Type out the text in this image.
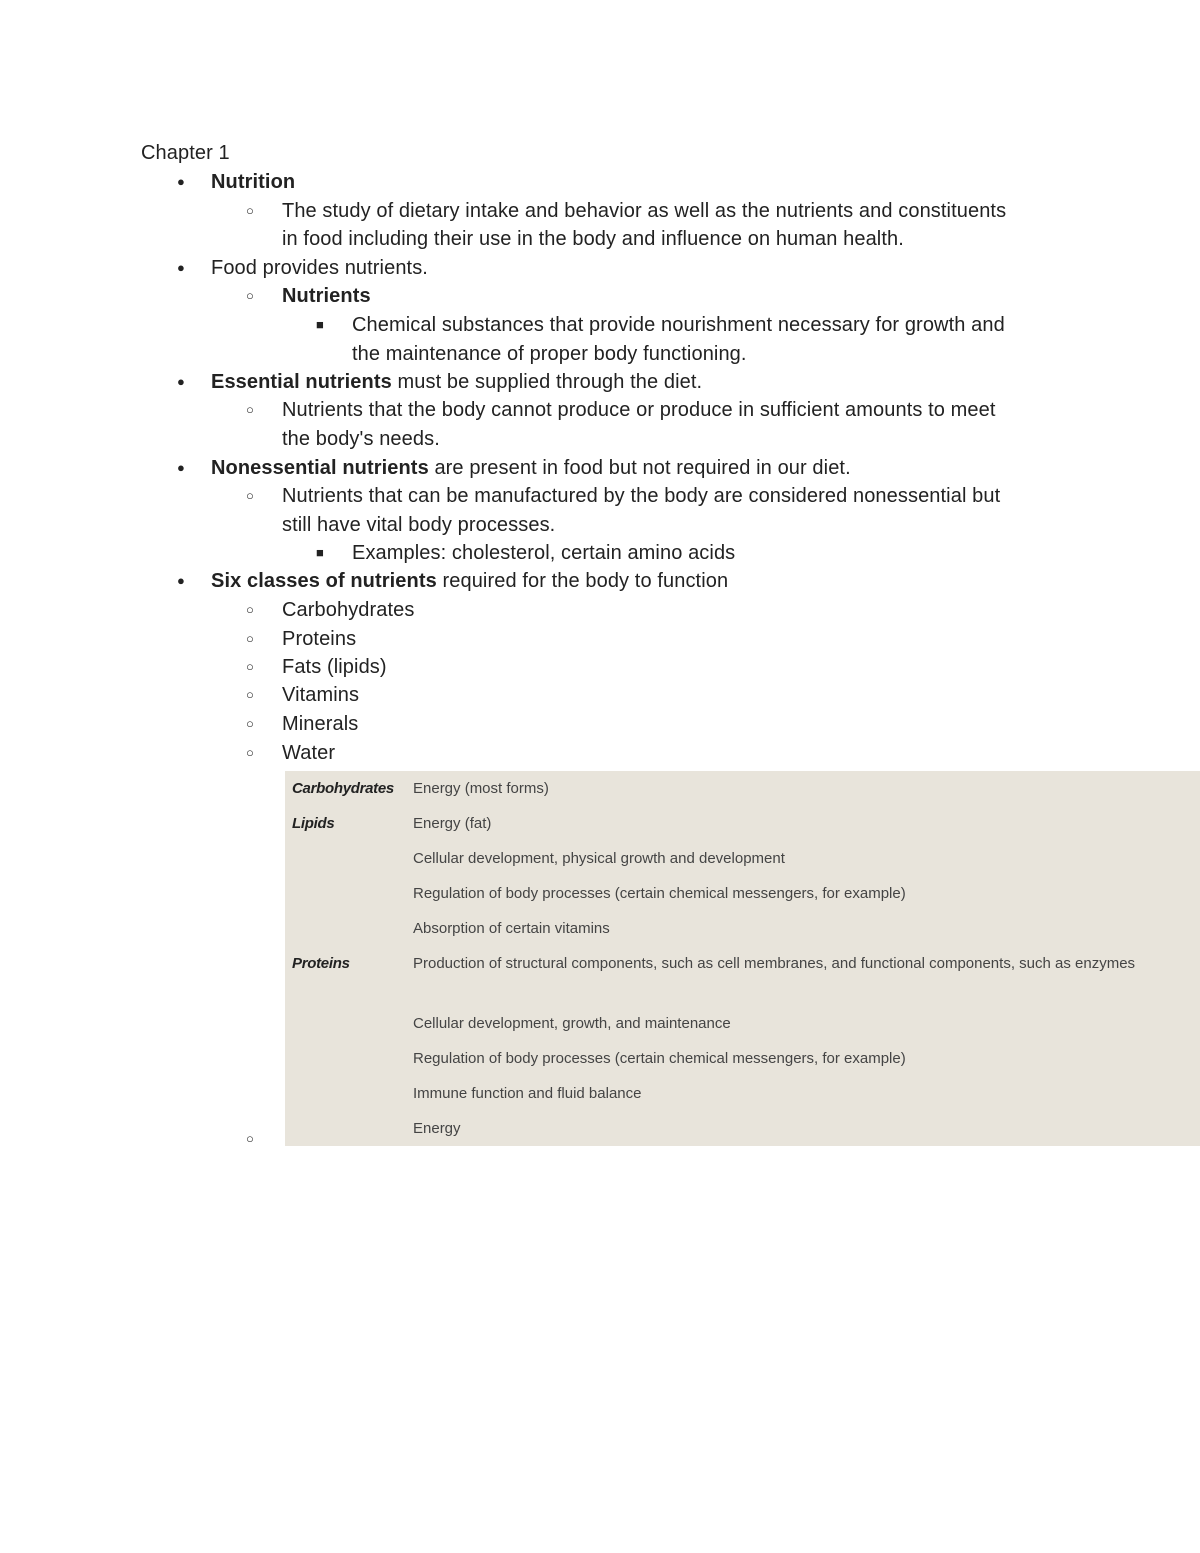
Chapter 1
● Nutrition
○ The study of dietary intake and behavior as well as the nutrients and constituents
in food including their use in the body and influence on human health.
● Food provides nutrients.
○ Nutrients
■ Chemical substances that provide nourishment necessary for growth and
the maintenance of proper body functioning.
● Essential nutrients must be supplied through the diet.
○ Nutrients that the body cannot produce or produce in sufficient amounts to meet
the body's needs.
● Nonessential nutrients are present in food but not required in our diet.
○ Nutrients that can be manufactured by the body are considered nonessential but
still have vital body processes.
■ Examples: cholesterol, certain amino acids
● Six classes of nutrients required for the body to function
○ Carbohydrates
○ Proteins
○ Fats (lipids)
○ Vitamins
○ Minerals
○ Water
○
Carbohydrates Energy (most forms)
Lipids	Energy (fat)
Cellular development, physical growth and development
Regulation of body processes (certain chemical messengers, for example)
Absorption of certain vitamins
Proteins	Production of structural components, such as cell membranes, and functional components, such as enzymes
Cellular development, growth, and maintenance
Regulation of body processes (certain chemical messengers, for example)
Immune function and fluid balance
Energy
